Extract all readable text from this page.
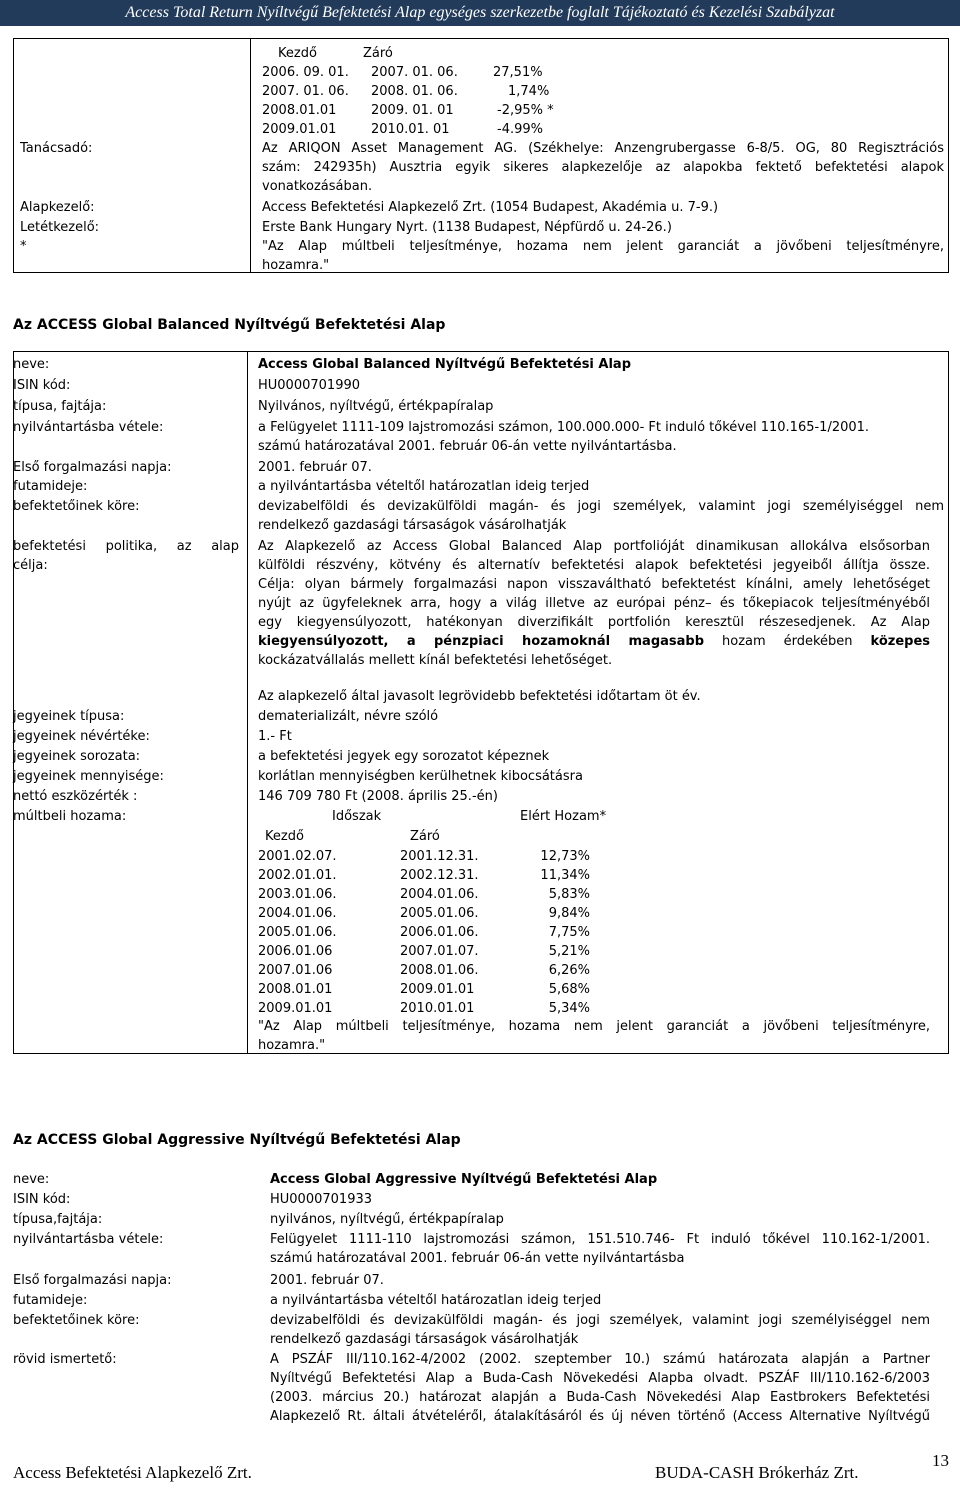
Access Total Return Nyíltvégű Befektetési Alap egységes szerkezetbe foglalt Tájékoztató és Kezelési Szabályzat
Kezdő	Záró
2006. 09. 01. 2007. 01. 06.	27,51%
2007. 01. 06. 2008. 01. 06.	1,74%
2008.01.01	2009. 01. 01	-2,95% *
2009.01.01	2010.01. 01	-4.99%
Tanácsadó:	Az ARIQON Asset Management AG. (Székhelye: Anzengrubergasse 6-8/5. OG, 80 Regisztrációs
szám: 242935h) Ausztria egyik sikeres alapkezelője az alapokba fektető befektetési alapok
vonatkozásában.
Alapkezelő:	Access Befektetési Alapkezelő Zrt. (1054 Budapest, Akadémia u. 7-9.)
Letétkezelő:	Erste Bank Hungary Nyrt. (1138 Budapest, Népfürdő u. 24-26.)
*	"Az Alap múltbeli teljesítménye, hozama nem jelent garanciát a jövőbeni teljesítményre,
hozamra."
Az ACCESS Global Balanced Nyíltvégű Befektetési Alap
neve:	Access Global Balanced Nyíltvégű Befektetési Alap
ISIN kód:	HU0000701990
típusa, fajtája:	Nyilvános, nyíltvégű, értékpapíralap
nyilvántartásba vétele:	a Felügyelet 1111-109 lajstromozási számon, 100.000.000- Ft induló tőkével 110.165-1/2001.
számú határozatával 2001. február 06-án vette nyilvántartásba.
Első forgalmazási napja:	2001. február 07.
futamideje:	a nyilvántartásba vételtől határozatlan ideig terjed
befektetőinek köre:	devizabelföldi és devizakülföldi magán- és jogi személyek, valamint jogi személyiséggel nem
rendelkező gazdasági társaságok vásárolhatják
befektetési politika, az alap
célja:
Az Alapkezelő az Access Global Balanced Alap portfolióját dinamikusan allokálva elsősorban
külföldi részvény, kötvény és alternatív befektetési alapok befektetési jegyeiből állítja össze.
Célja: olyan bármely forgalmazási napon visszaváltható befektetést kínálni, amely lehetőséget
nyújt az ügyfeleknek arra, hogy a világ illetve az európai pénz– és tőkepiacok teljesítményéből
egy kiegyensúlyozott, hatékonyan diverzifikált portfolión keresztül részesedjenek. Az Alap
kiegyensúlyozott, a pénzpiaci hozamoknál magasabb hozam érdekében közepes
kockázatvállalás mellett kínál befektetési lehetőséget.
Az alapkezelő által javasolt legrövidebb befektetési időtartam öt év.
jegyeinek típusa:	dematerializált, névre szóló
jegyeinek névértéke:	1.- Ft
jegyeinek sorozata:	a befektetési jegyek egy sorozatot képeznek
jegyeinek mennyisége:	korlátlan mennyiségben kerülhetnek kibocsátásra
nettó eszközérték :	146 709 780 Ft (2008. április 25.-én)
múltbeli hozama:	Időszak	Elért Hozam*
Kezdő	Záró
2001.02.07.	2001.12.31.	12,73%
2002.01.01.	2002.12.31.	11,34%
2003.01.06.	2004.01.06.	5,83%
2004.01.06.	2005.01.06.	9,84%
2005.01.06.	2006.01.06.	7,75%
2006.01.06	2007.01.07.	5,21%
2007.01.06	2008.01.06.	6,26%
2008.01.01	2009.01.01	5,68%
2009.01.01	2010.01.01	5,34%
"Az Alap múltbeli teljesítménye, hozama nem jelent garanciát a jövőbeni teljesítményre,
hozamra."
Az ACCESS Global Aggressive Nyíltvégű Befektetési Alap
neve:	Access Global Aggressive Nyíltvégű Befektetési Alap
ISIN kód:	HU0000701933
típusa,fajtája:	nyilvános, nyíltvégű, értékpapíralap
nyilvántartásba vétele:	Felügyelet 1111-110 lajstromozási számon, 151.510.746- Ft induló tőkével 110.162-1/2001.
számú határozatával 2001. február 06-án vette nyilvántartásba
Első forgalmazási napja:	2001. február 07.
futamideje:	a nyilvántartásba vételtől határozatlan ideig terjed
befektetőinek köre:	devizabelföldi és devizakülföldi magán- és jogi személyek, valamint jogi személyiséggel nem
rendelkező gazdasági társaságok vásárolhatják
rövid ismertető:	A PSZÁF III/110.162-4/2002 (2002. szeptember 10.) számú határozata alapján a Partner
Nyíltvégű Befektetési Alap a Buda-Cash Növekedési Alapba olvadt. PSZÁF III/110.162-6/2003
(2003. március 20.) határozat alapján a Buda-Cash Növekedési Alap Eastbrokers Befektetési
Alapkezelő Rt. általi átvételéről, átalakításáról és új néven történő (Access Alternative Nyíltvégű
Access Befektetési Alapkezelő Zrt.	BUDA-CASH Brókerház Zrt.
13
